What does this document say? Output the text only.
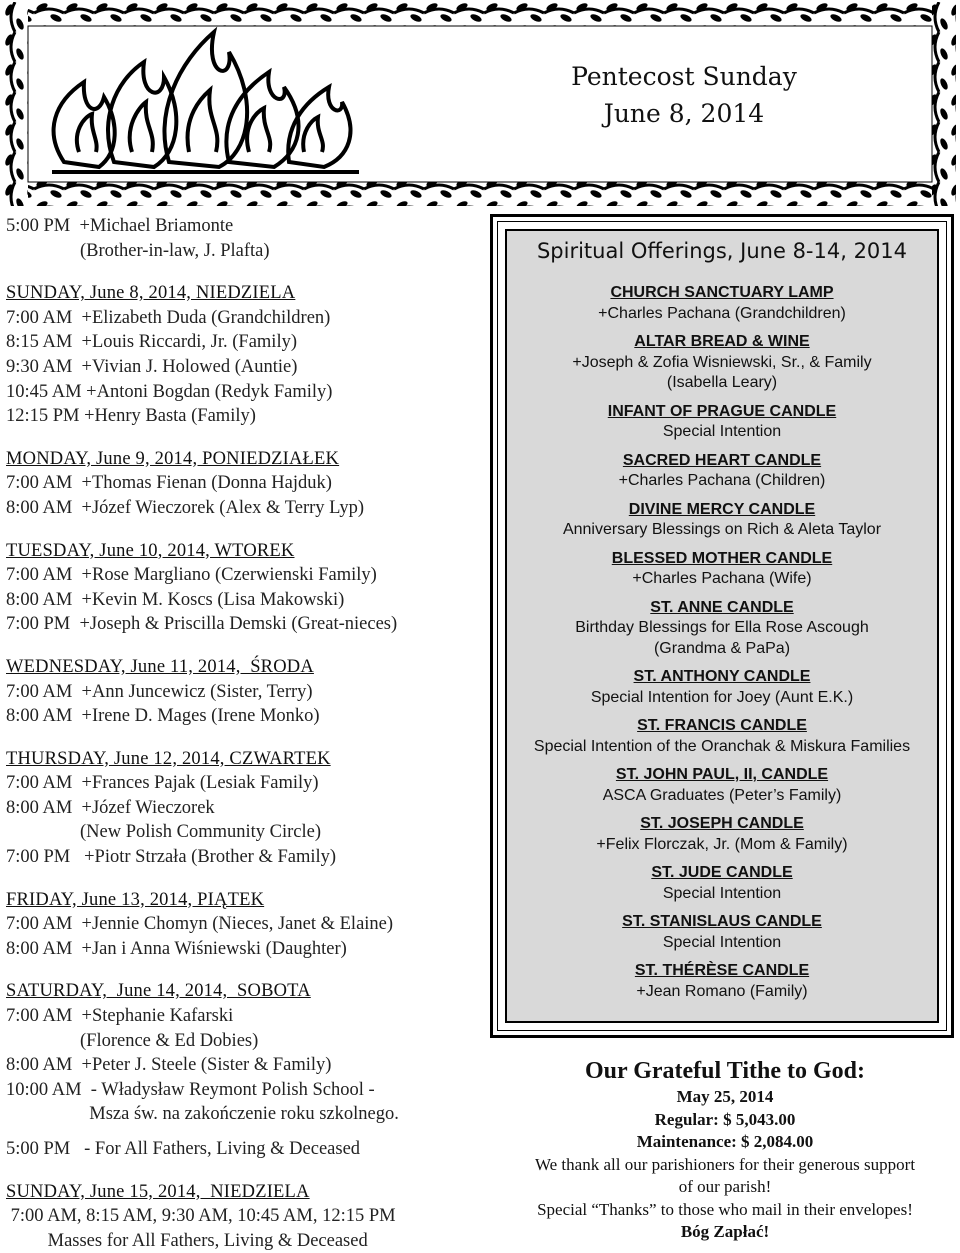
Pentecost Sunday
June 8, 2014
5:00 PM  +Michael Briamonte
(Brother-in-law, J. Plafta)
SUNDAY, June 8, 2014, NIEDZIELA
7:00 AM  +Elizabeth Duda (Grandchildren)
8:15 AM  +Louis Riccardi, Jr. (Family)
9:30 AM  +Vivian J. Holowed (Auntie)
10:45 AM +Antoni Bogdan (Redyk Family)
12:15 PM +Henry Basta (Family)
MONDAY, June 9, 2014, PONIEDZIAŁEK
7:00 AM  +Thomas Fienan (Donna Hajduk)
8:00 AM  +Józef Wieczorek (Alex & Terry Lyp)
TUESDAY, June 10, 2014, WTOREK
7:00 AM  +Rose Margliano (Czerwienski Family)
8:00 AM  +Kevin M. Koscs (Lisa Makowski)
7:00 PM  +Joseph & Priscilla Demski (Great-nieces)
WEDNESDAY, June 11, 2014,  ŚRODA
7:00 AM  +Ann Juncewicz (Sister, Terry)
8:00 AM  +Irene D. Mages (Irene Monko)
THURSDAY, June 12, 2014, CZWARTEK
7:00 AM  +Frances Pajak (Lesiak Family)
8:00 AM  +Józef Wieczorek
(New Polish Community Circle)
7:00 PM   +Piotr Strzała (Brother & Family)
FRIDAY, June 13, 2014, PIĄTEK
7:00 AM  +Jennie Chomyn (Nieces, Janet & Elaine)
8:00 AM  +Jan i Anna Wiśniewski (Daughter)
SATURDAY,  June 14, 2014,  SOBOTA
7:00 AM  +Stephanie Kafarski
(Florence & Ed Dobies)
8:00 AM  +Peter J. Steele (Sister & Family)
10:00 AM  - Władysław Reymont Polish School -
Msza św. na zakończenie roku szkolnego.
5:00 PM   - For All Fathers, Living & Deceased
SUNDAY, June 15, 2014,  NIEDZIELA
7:00 AM, 8:15 AM, 9:30 AM, 10:45 AM, 12:15 PM
Masses for All Fathers, Living & Deceased
Spiritual Offerings, June 8-14, 2014
CHURCH SANCTUARY LAMP
+Charles Pachana (Grandchildren)
ALTAR BREAD & WINE
+Joseph & Zofia Wisniewski, Sr., & Family
(Isabella Leary)
INFANT OF PRAGUE CANDLE
Special Intention
SACRED HEART CANDLE
+Charles Pachana (Children)
DIVINE MERCY CANDLE
Anniversary Blessings on Rich & Aleta Taylor
BLESSED MOTHER CANDLE
+Charles Pachana (Wife)
ST. ANNE CANDLE
Birthday Blessings for Ella Rose Ascough
(Grandma & PaPa)
ST. ANTHONY CANDLE
Special Intention for Joey (Aunt E.K.)
ST. FRANCIS CANDLE
Special Intention of the Oranchak & Miskura Families
ST. JOHN PAUL, II, CANDLE
ASCA Graduates (Peter’s Family)
ST. JOSEPH CANDLE
+Felix Florczak, Jr. (Mom & Family)
ST. JUDE CANDLE
Special Intention
ST. STANISLAUS CANDLE
Special Intention
ST. THÉRÈSE CANDLE
+Jean Romano (Family)
Our Grateful Tithe to God:
May 25, 2014
Regular: $ 5,043.00
Maintenance: $ 2,084.00
We thank all our parishioners for their generous support
of our parish!
Special “Thanks” to those who mail in their envelopes!
Bóg Zapłać!
